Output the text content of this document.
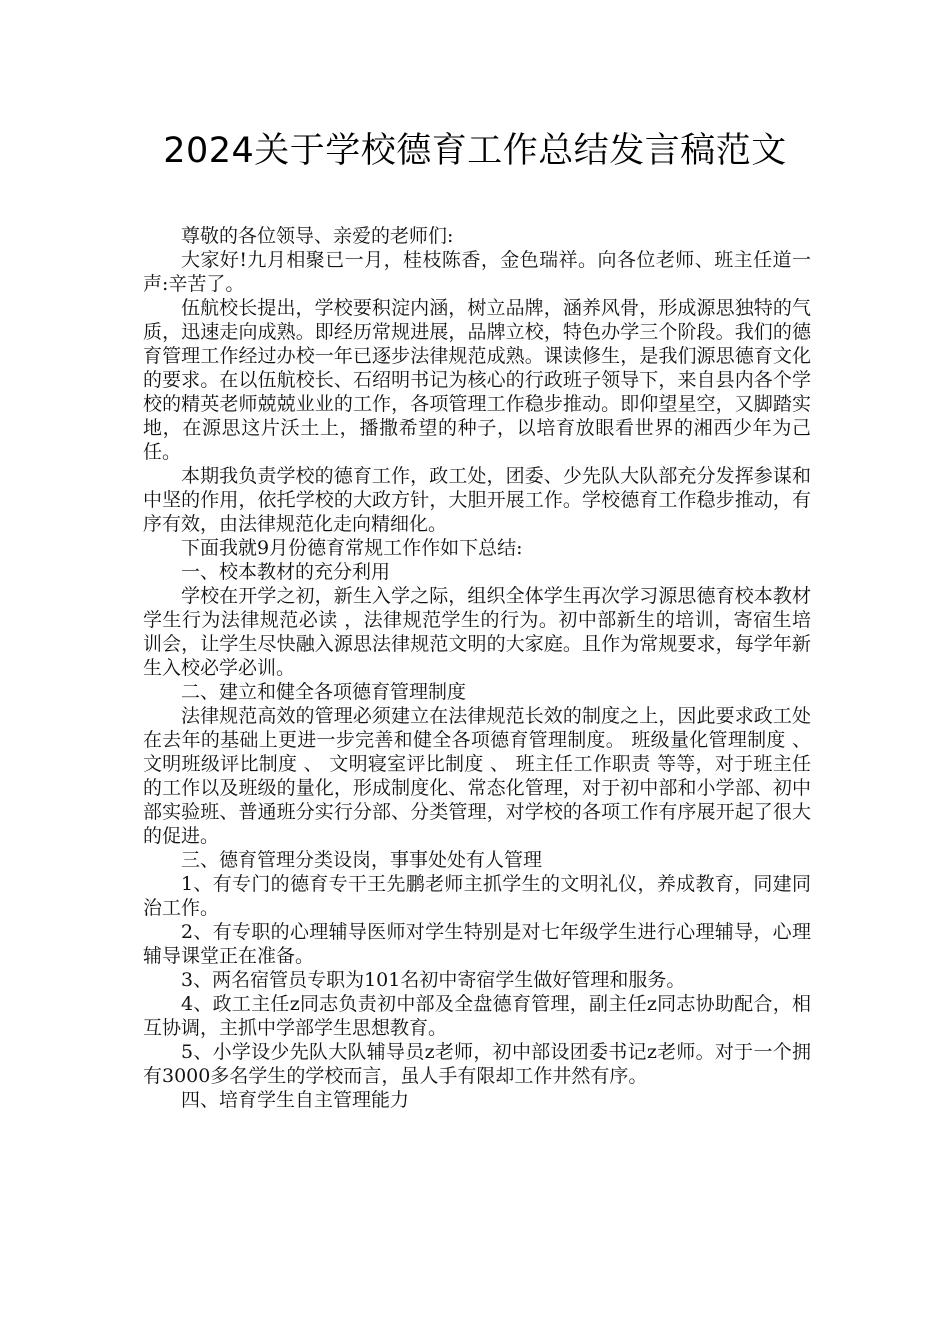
2024关于学校德育工作总结发言稿范文

尊敬的各位领导、亲爱的老师们:

大家好!九月相聚已一月，桂枝陈香，金色瑞祥。向各位老师、班主任道一声:辛苦了。

伍航校长提出，学校要积淀内涵，树立品牌，涵养风骨，形成源思独特的气质，迅速走向成熟。即经历常规进展，品牌立校，特色办学三个阶段。我们的德育管理工作经过办校一年已逐步法律规范成熟。课读修生，是我们源思德育文化的要求。在以伍航校长、石绍明书记为核心的行政班子领导下，来自县内各个学校的精英老师兢兢业业的工作，各项管理工作稳步推动。即仰望星空，又脚踏实地，在源思这片沃土上，播撒希望的种子，以培育放眼看世界的湘西少年为己任。

本期我负责学校的德育工作，政工处，团委、少先队大队部充分发挥参谋和中坚的作用，依托学校的大政方针，大胆开展工作。学校德育工作稳步推动，有序有效，由法律规范化走向精细化。

下面我就9月份德育常规工作作如下总结:

一、校本教材的充分利用

学校在开学之初，新生入学之际，组织全体学生再次学习源思德育校本教材 学生行为法律规范必读 ，法律规范学生的行为。初中部新生的培训，寄宿生培训会，让学生尽快融入源思法律规范文明的大家庭。且作为常规要求，每学年新生入校必学必训。

二、建立和健全各项德育管理制度

法律规范高效的管理必须建立在法律规范长效的制度之上，因此要求政工处在去年的基础上更进一步完善和健全各项德育管理制度。 班级量化管理制度 、 文明班级评比制度 、 文明寝室评比制度 、 班主任工作职责 等等，对于班主任的工作以及班级的量化，形成制度化、常态化管理，对于初中部和小学部、初中部实验班、普通班分实行分部、分类管理，对学校的各项工作有序展开起了很大的促进。

三、德育管理分类设岗，事事处处有人管理

1、有专门的德育专干王先鹏老师主抓学生的文明礼仪，养成教育，同建同治工作。

2、有专职的心理辅导医师对学生特别是对七年级学生进行心理辅导，心理辅导课堂正在准备。

3、两名宿管员专职为101名初中寄宿学生做好管理和服务。

4、政工主任z同志负责初中部及全盘德育管理，副主任z同志协助配合，相互协调，主抓中学部学生思想教育。

5、小学设少先队大队辅导员z老师，初中部设团委书记z老师。对于一个拥有3000多名学生的学校而言，虽人手有限却工作井然有序。

四、培育学生自主管理能力
